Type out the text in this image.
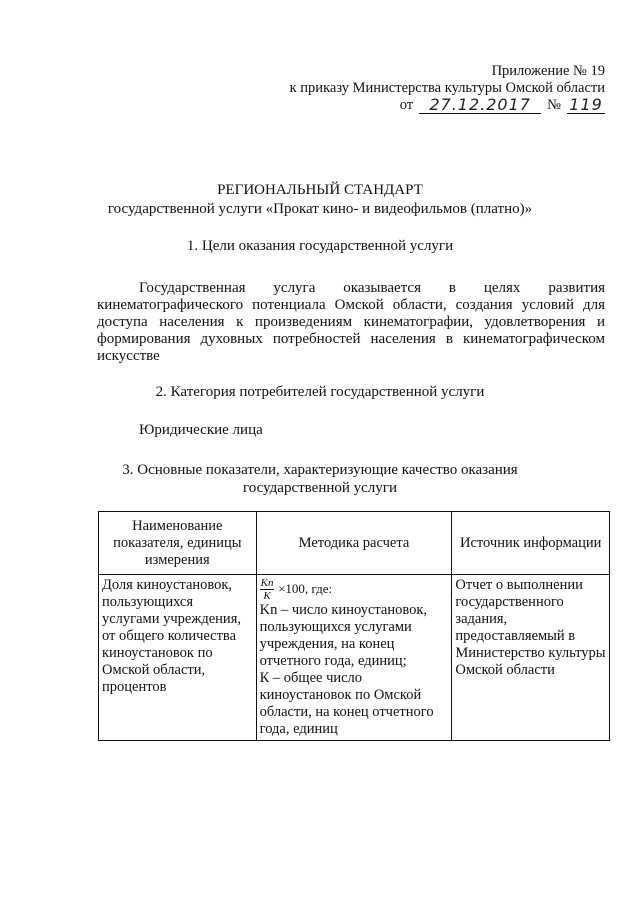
Приложение № 19
к приказу Министерства культуры Омской области
от	27.12.2017	№ 119
РЕГИОНАЛЬНЫЙ СТАНДАРТ
государственной услуги «Прокат кино- и видеофильмов (платно)»
1. Цели оказания государственной услуги
Государственная услуга оказывается в целях развития кинематографического потенциала Омской области, создания условий для доступа населения к произведениям кинематографии, удовлетворения и формирования духовных потребностей населения в кинематографическом искусстве
2. Категория потребителей государственной услуги
Юридические лица
3. Основные показатели, характеризующие качество оказания
государственной услуги
Наименование показателя, единицы измерения	Методика расчета	Источник информации
Доля киноустановок, пользующихся услугами учреждения, от общего количества киноустановок по Омской области, процентов	$\frac{Kn}{K} \times 100$, где:
Kn – число киноустановок, пользующихся услугами учреждения, на конец отчетного года, единиц;
К – общее число киноустановок по Омской области, на конец отчетного года, единиц	Отчет о выполнении государственного задания, предоставляемый в Министерство культуры Омской области
